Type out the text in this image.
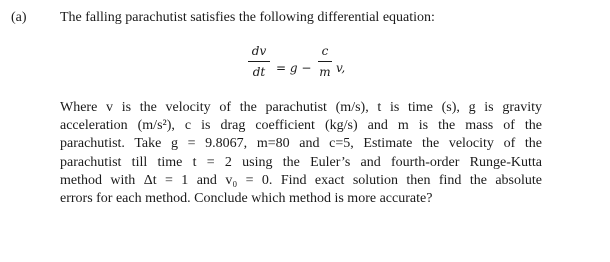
(a) The falling parachutist satisfies the following differential equation:
dv
dt = g −
c
m v,
Where v is the velocity of the parachutist (m/s), t is time (s), g is gravity
acceleration (m/s²), c is drag coefficient (kg/s) and m is the mass of the
parachutist. Take g = 9.8067, m=80 and c=5, Estimate the velocity of the
parachutist till time t = 2 using the Euler’s and fourth-order Runge-Kutta
method with Δt = 1 and v₀ = 0. Find exact solution then find the absolute
errors for each method. Conclude which method is more accurate?
